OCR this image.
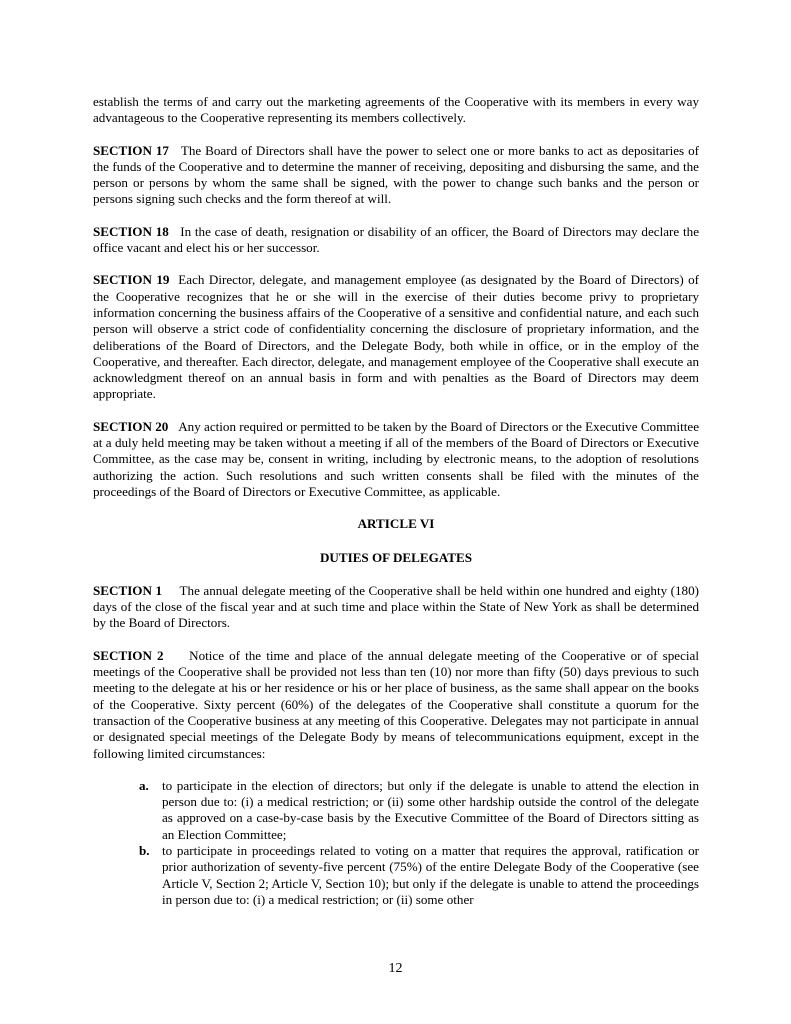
establish the terms of and carry out the marketing agreements of the Cooperative with its members in every way advantageous to the Cooperative representing its members collectively.

SECTION 17 The Board of Directors shall have the power to select one or more banks to act as depositaries of the funds of the Cooperative and to determine the manner of receiving, depositing and disbursing the same, and the person or persons by whom the same shall be signed, with the power to change such banks and the person or persons signing such checks and the form thereof at will.

SECTION 18 In the case of death, resignation or disability of an officer, the Board of Directors may declare the office vacant and elect his or her successor.

SECTION 19 Each Director, delegate, and management employee (as designated by the Board of Directors) of the Cooperative recognizes that he or she will in the exercise of their duties become privy to proprietary information concerning the business affairs of the Cooperative of a sensitive and confidential nature, and each such person will observe a strict code of confidentiality concerning the disclosure of proprietary information, and the deliberations of the Board of Directors, and the Delegate Body, both while in office, or in the employ of the Cooperative, and thereafter. Each director, delegate, and management employee of the Cooperative shall execute an acknowledgment thereof on an annual basis in form and with penalties as the Board of Directors may deem appropriate.

SECTION 20 Any action required or permitted to be taken by the Board of Directors or the Executive Committee at a duly held meeting may be taken without a meeting if all of the members of the Board of Directors or Executive Committee, as the case may be, consent in writing, including by electronic means, to the adoption of resolutions authorizing the action. Such resolutions and such written consents shall be filed with the minutes of the proceedings of the Board of Directors or Executive Committee, as applicable.

ARTICLE VI
DUTIES OF DELEGATES

SECTION 1 The annual delegate meeting of the Cooperative shall be held within one hundred and eighty (180) days of the close of the fiscal year and at such time and place within the State of New York as shall be determined by the Board of Directors.

SECTION 2 Notice of the time and place of the annual delegate meeting of the Cooperative or of special meetings of the Cooperative shall be provided not less than ten (10) nor more than fifty (50) days previous to such meeting to the delegate at his or her residence or his or her place of business, as the same shall appear on the books of the Cooperative. Sixty percent (60%) of the delegates of the Cooperative shall constitute a quorum for the transaction of the Cooperative business at any meeting of this Cooperative. Delegates may not participate in annual or designated special meetings of the Delegate Body by means of telecommunications equipment, except in the following limited circumstances:

a. to participate in the election of directors; but only if the delegate is unable to attend the election in person due to: (i) a medical restriction; or (ii) some other hardship outside the control of the delegate as approved on a case-by-case basis by the Executive Committee of the Board of Directors sitting as an Election Committee;
b. to participate in proceedings related to voting on a matter that requires the approval, ratification or prior authorization of seventy-five percent (75%) of the entire Delegate Body of the Cooperative (see Article V, Section 2; Article V, Section 10); but only if the delegate is unable to attend the proceedings in person due to: (i) a medical restriction; or (ii) some other
12
